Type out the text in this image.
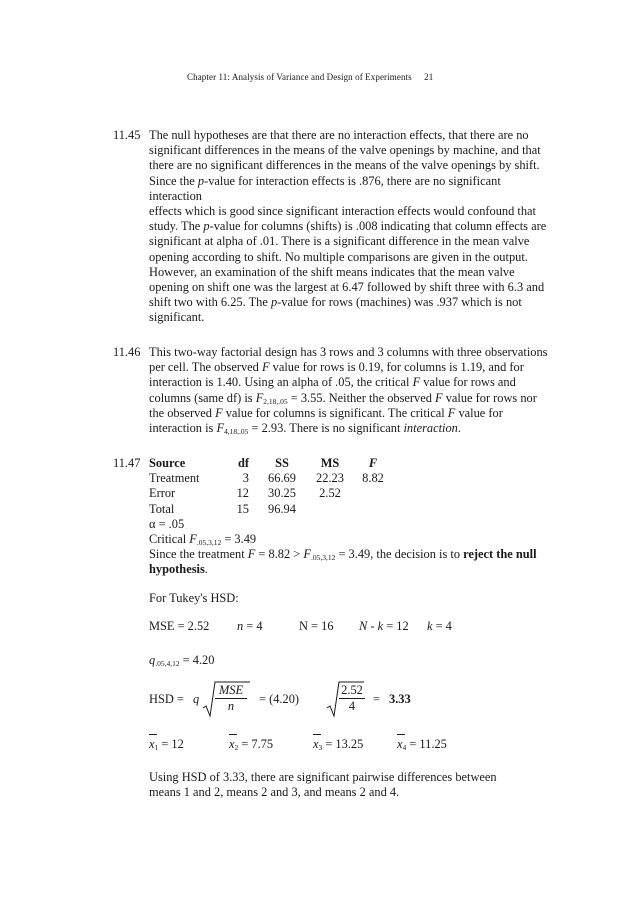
Chapter 11: Analysis of Variance and Design of Experiments 21
11.45 The null hypotheses are that there are no interaction effects, that there are no

significant differences in the means of the valve openings by machine, and that

there are no significant differences in the means of the valve openings by shift.

Since the p-value for interaction effects is .876, there are no significant interaction

effects which is good since significant interaction effects would confound that

study. The p-value for columns (shifts) is .008 indicating that column effects are

significant at alpha of .01. There is a significant difference in the mean valve

opening according to shift. No multiple comparisons are given in the output.

However, an examination of the shift means indicates that the mean valve

opening on shift one was the largest at 6.47 followed by shift three with 6.3 and

shift two with 6.25. The p-value for rows (machines) was .937 which is not

significant.

11.46 This two-way factorial design has 3 rows and 3 columns with three observations

per cell. The observed F value for rows is 0.19, for columns is 1.19, and for

interaction is 1.40. Using an alpha of .05, the critical F value for rows and

columns (same df) is $F_{2,18,.05} = 3.55$. Neither the observed F value for rows nor

the observed F value for columns is significant. The critical F value for

interaction is $F_{4,18,.05} = 2.93$. There is no significant interaction.

11.47 Source	df	SS	MS	F
Treatment	3	66.69	22.23	8.82
Error	12	30.25	2.52	
Total	15	96.94		

α = .05

Critical $F_{.05,3,12} = 3.49$

Since the treatment $F = 8.82 > F_{.05,3,12} = 3.49$, the decision is to reject the null

hypothesis.

For Tukey's HSD:

MSE = 2.52 n = 4	N = 16 N - k = 12 k = 4
$q_{.05,4,12} = 4.20$
HSD = q
MSE
n
= (4.20)	$\frac{2.52}{4} = 3.33$
$x_1 = 12$	$x_2 = 7.75$	$x_3 = 13.25$	$x_4 = 11.25$

Using HSD of 3.33, there are significant pairwise differences between

means 1 and 2, means 2 and 3, and means 2 and 4.
